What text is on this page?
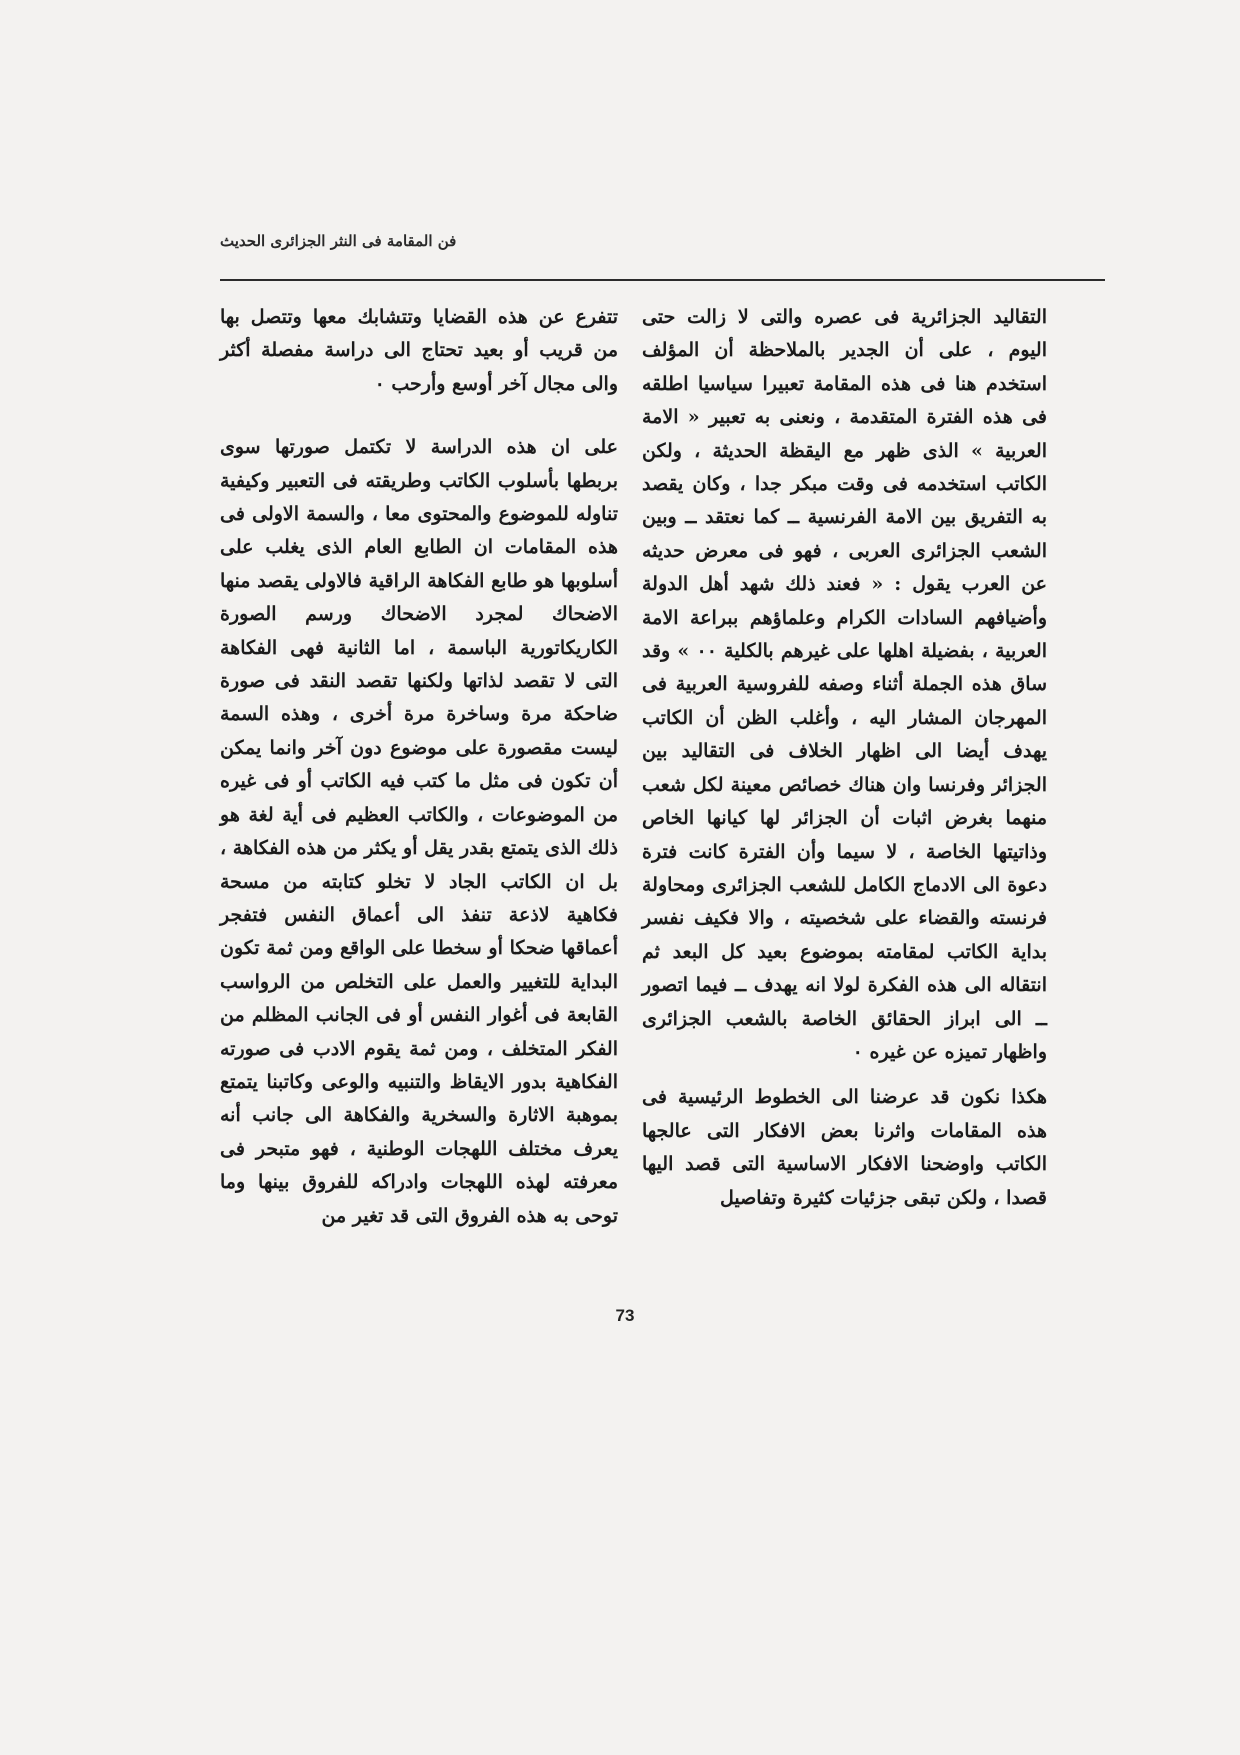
فن المقامة فى النثر الجزائرى الحديث

التقاليد الجزائرية فى عصره والتى لا زالت حتى اليوم ، على أن الجدير بالملاحظة أن المؤلف استخدم هنا فى هذه المقامة تعبيرا سياسيا اطلقه فى هذه الفترة المتقدمة ، ونعنى به تعبير « الامة العربية » الذى ظهر مع اليقظة الحديثة ، ولكن الكاتب استخدمه فى وقت مبكر جدا ، وكان يقصد به التفريق بين الامة الفرنسية ــ كما نعتقد ــ وبين الشعب الجزائرى العربى ، فهو فى معرض حديثه عن العرب يقول : « فعند ذلك شهد أهل الدولة وأضيافهم السادات الكرام وعلماؤهم ببراعة الامة العربية ، بفضيلة اهلها على غيرهم بالكلية ٠٠ » وقد ساق هذه الجملة أثناء وصفه للفروسية العربية فى المهرجان المشار اليه ، وأغلب الظن أن الكاتب يهدف أيضا الى اظهار الخلاف فى التقاليد بين الجزائر وفرنسا وان هناك خصائص معينة لكل شعب منهما بغرض اثبات أن الجزائر لها كيانها الخاص وذاتيتها الخاصة ، لا سيما وأن الفترة كانت فترة دعوة الى الادماج الكامل للشعب الجزائرى ومحاولة فرنسته والقضاء على شخصيته ، والا فكيف نفسر بداية الكاتب لمقامته بموضوع بعيد كل البعد ثم انتقاله الى هذه الفكرة لولا انه يهدف ــ فيما اتصور ــ الى ابراز الحقائق الخاصة بالشعب الجزائرى واظهار تميزه عن غيره ٠

هكذا نكون قد عرضنا الى الخطوط الرئيسية فى هذه المقامات واثرنا بعض الافكار التى عالجها الكاتب واوضحنا الافكار الاساسية التى قصد اليها قصدا ، ولكن تبقى جزئيات كثيرة وتفاصيل

تتفرع عن هذه القضايا وتتشابك معها وتتصل بها من قريب أو بعيد تحتاج الى دراسة مفصلة أكثر والى مجال آخر أوسع وأرحب ٠

على ان هذه الدراسة لا تكتمل صورتها سوى بربطها بأسلوب الكاتب وطريقته فى التعبير وكيفية تناوله للموضوع والمحتوى معا ، والسمة الاولى فى هذه المقامات ان الطابع العام الذى يغلب على أسلوبها هو طابع الفكاهة الراقية فالاولى يقصد منها الاضحاك لمجرد الاضحاك ورسم الصورة الكاريكاتورية الباسمة ، اما الثانية فهى الفكاهة التى لا تقصد لذاتها ولكنها تقصد النقد فى صورة ضاحكة مرة وساخرة مرة أخرى ، وهذه السمة ليست مقصورة على موضوع دون آخر وانما يمكن أن تكون فى مثل ما كتب فيه الكاتب أو فى غيره من الموضوعات ، والكاتب العظيم فى أية لغة هو ذلك الذى يتمتع بقدر يقل أو يكثر من هذه الفكاهة ، بل ان الكاتب الجاد لا تخلو كتابته من مسحة فكاهية لاذعة تنفذ الى أعماق النفس فتفجر أعماقها ضحكا أو سخطا على الواقع ومن ثمة تكون البداية للتغيير والعمل على التخلص من الرواسب القابعة فى أغوار النفس أو فى الجانب المظلم من الفكر المتخلف ، ومن ثمة يقوم الادب فى صورته الفكاهية بدور الايقاظ والتنبيه والوعى وكاتبنا يتمتع بموهبة الاثارة والسخرية والفكاهة الى جانب أنه يعرف مختلف اللهجات الوطنية ، فهو متبحر فى معرفته لهذه اللهجات وادراكه للفروق بينها وما توحى به هذه الفروق التى قد تغير من

73
